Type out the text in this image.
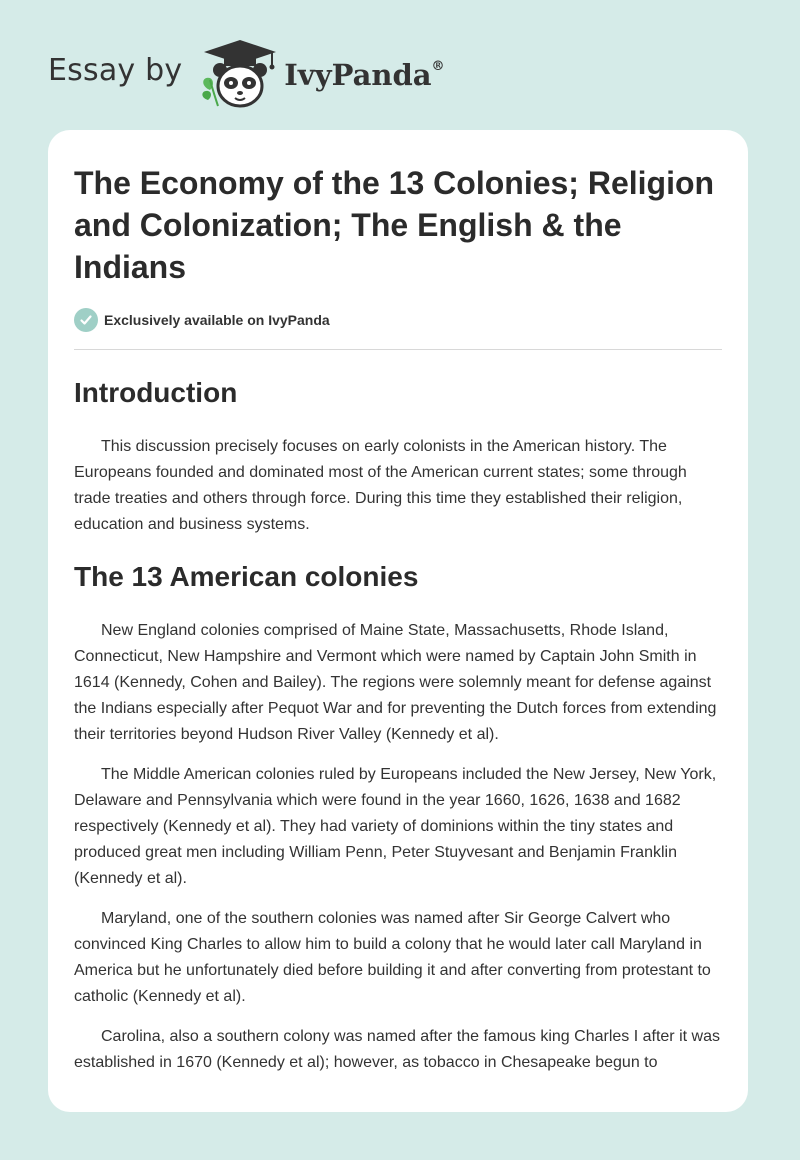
Essay by	IvyPanda®
The Economy of the 13 Colonies; Religion and Colonization; The English & the Indians
Exclusively available on IvyPanda
Introduction

This discussion precisely focuses on early colonists in the American history. The Europeans founded and dominated most of the American current states; some through trade treaties and others through force. During this time they established their religion, education and business systems.

The 13 American colonies

New England colonies comprised of Maine State, Massachusetts, Rhode Island, Connecticut, New Hampshire and Vermont which were named by Captain John Smith in 1614 (Kennedy, Cohen and Bailey). The regions were solemnly meant for defense against the Indians especially after Pequot War and for preventing the Dutch forces from extending their territories beyond Hudson River Valley (Kennedy et al).

The Middle American colonies ruled by Europeans included the New Jersey, New York, Delaware and Pennsylvania which were found in the year 1660, 1626, 1638 and 1682 respectively (Kennedy et al). They had variety of dominions within the tiny states and produced great men including William Penn, Peter Stuyvesant and Benjamin Franklin (Kennedy et al).

Maryland, one of the southern colonies was named after Sir George Calvert who convinced King Charles to allow him to build a colony that he would later call Maryland in America but he unfortunately died before building it and after converting from protestant to catholic (Kennedy et al).

Carolina, also a southern colony was named after the famous king Charles I after it was established in 1670 (Kennedy et al); however, as tobacco in Chesapeake begun to
